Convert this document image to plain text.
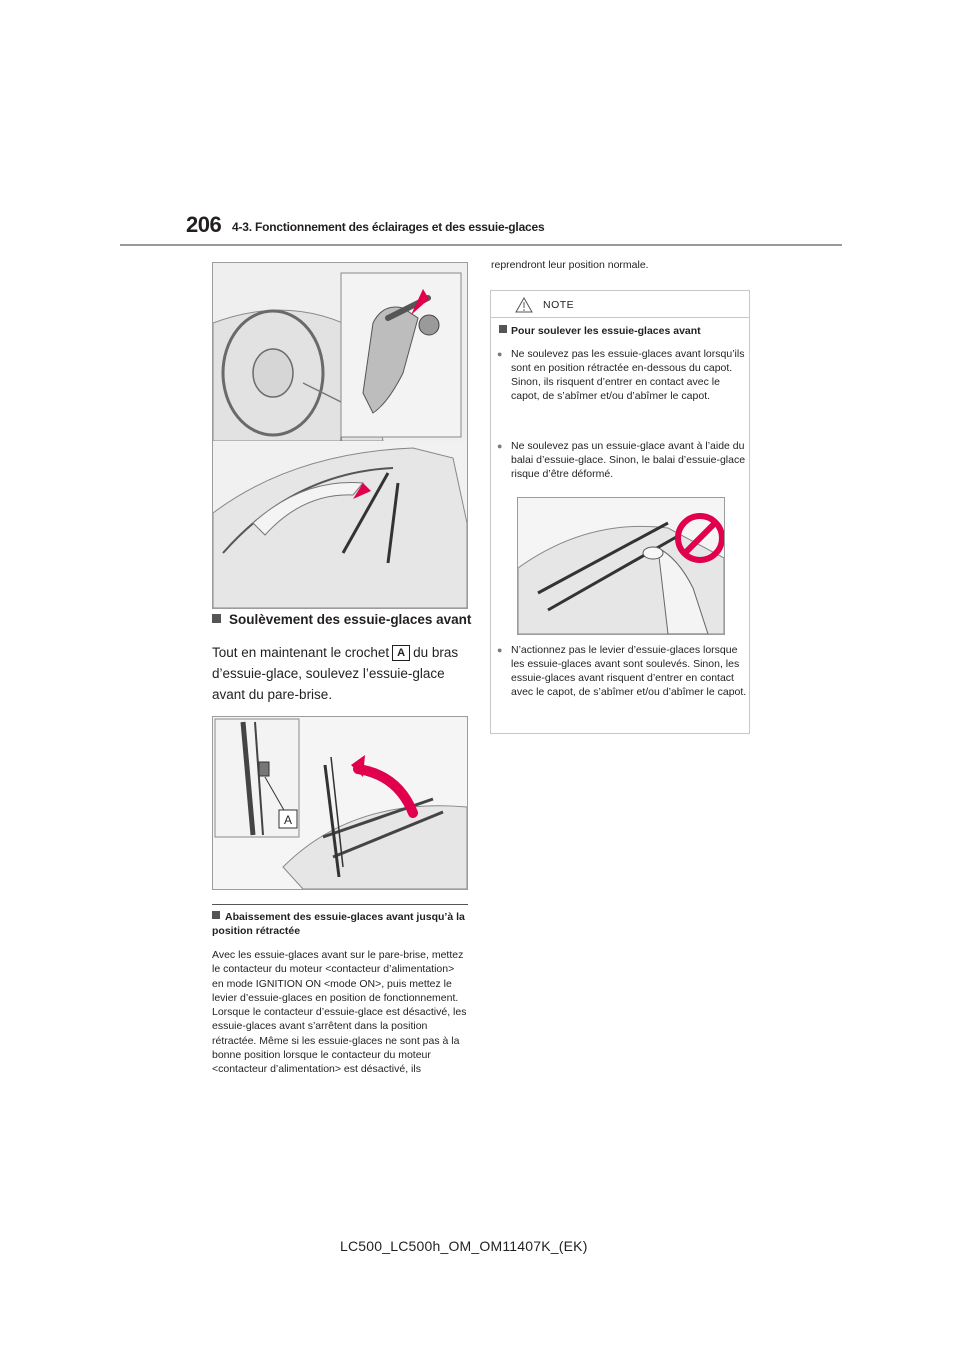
206 4-3. Fonctionnement des éclairages et des essuie-glaces
Soulèvement des essuie-glaces avant
Tout en maintenant le crochet A du bras d’essuie-glace, soulevez l’essuie-glace avant du pare-brise.
A
Abaissement des essuie-glaces avant jusqu’à la position rétractée
Avec les essuie-glaces avant sur le pare-brise, mettez le contacteur du moteur <contacteur d’alimentation> en mode IGNITION ON <mode ON>, puis mettez le levier d’essuie-glaces en position de fonctionnement. Lorsque le contacteur d’essuie-glace est désactivé, les essuie-glaces avant s’arrêtent dans la position rétractée. Même si les essuie-glaces ne sont pas à la bonne position lorsque le contacteur du moteur <contacteur d’alimentation> est désactivé, ils
reprendront leur position normale.
NOTE
Pour soulever les essuie-glaces avant
● Ne soulevez pas les essuie-glaces avant lorsqu’ils sont en position rétractée en-dessous du capot. Sinon, ils risquent d’entrer en contact avec le capot, de s’abîmer et/ou d’abîmer le capot.
● Ne soulevez pas un essuie-glace avant à l’aide du balai d’essuie-glace. Sinon, le balai d’essuie-glace risque d’être déformé.
● N’actionnez pas le levier d’essuie-glaces lorsque les essuie-glaces avant sont soulevés. Sinon, les essuie-glaces avant risquent d’entrer en contact avec le capot, de s’abîmer et/ou d’abîmer le capot.
LC500_LC500h_OM_OM11407K_(EK)
